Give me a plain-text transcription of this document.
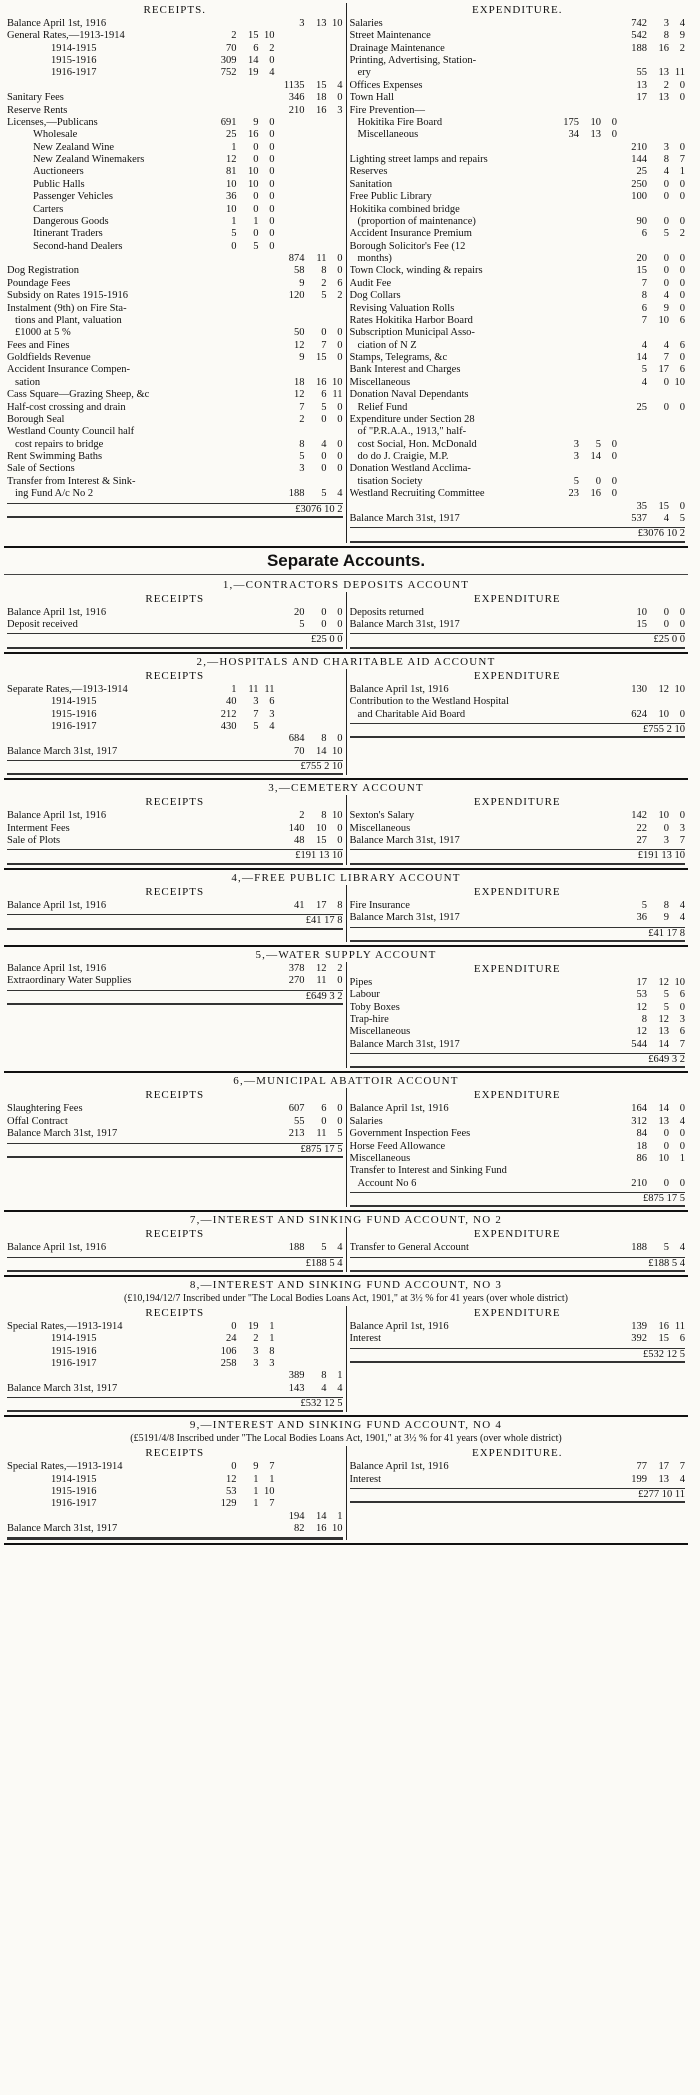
RECEIPTS.
Balance April 1st, 1916	3	13 10
General Rates,—1913-1914	2	15 10
1914-1915	70	6	2
1915-1916	309	14	0
1916-1917	752	19	4
1135	15	4
Sanitary Fees	346	18	0
Reserve Rents	210	16	3
Licenses,—Publicans	691	9	0
Wholesale	25	16	0
New Zealand Wine	1	0	0
New Zealand Winemakers	12	0	0
Auctioneers	81	10	0
Public Halls	10	10	0
Passenger Vehicles	36	0	0
Carters	10	0	0
Dangerous Goods	1	1	0
Itinerant Traders	5	0	0
Second-hand Dealers	0	5	0
874	11	0
Dog Registration	58	8	0
Poundage Fees	9	2	6
Subsidy on Rates 1915-1916	120	5	2
Instalment (9th) on Fire Sta-
tions and Plant, valuation
£1000 at 5 %	50	0	0
Fees and Fines	12	7	0
Goldfields Revenue	9	15	0
Accident Insurance Compen-
sation	18	16 10
Cass Square—Grazing Sheep, &c	12	6 11
Half-cost crossing and drain	7	5	0
Borough Seal	2	0	0
Westland County Council half
cost repairs to bridge	8	4	0
Rent Swimming Baths	5	0	0
Sale of Sections	3	0	0
Transfer from Interest & Sink-
ing Fund A/c No 2	188	5	4
£3076 10 2
EXPENDITURE.
Salaries	742	3	4
Street Maintenance	542	8	9
Drainage Maintenance	188	16	2
Printing, Advertising, Station-
ery	55	13 11
Offices Expenses	13	2	0
Town Hall	17	13	0
Fire Prevention—
Hokitika Fire Board	175	10	0
Miscellaneous	34	13	0
210	3	0
Lighting street lamps and repairs	144	8	7
Reserves	25	4	1
Sanitation	250	0	0
Free Public Library	100	0	0
Hokitika combined bridge
(proportion of maintenance)	90	0	0
Accident Insurance Premium	6	5	2
Borough Solicitor's Fee (12
months)	20	0	0
Town Clock, winding & repairs	15	0	0
Audit Fee	7	0	0
Dog Collars	8	4	0
Revising Valuation Rolls	6	9	0
Rates Hokitika Harbor Board	7	10	6
Subscription Municipal Asso-
ciation of N Z	4	4	6
Stamps, Telegrams, &c	14	7	0
Bank Interest and Charges	5	17	6
Miscellaneous	4	0 10
Donation Naval Dependants
Relief Fund	25	0	0
Expenditure under Section 28
of "P.R.A.A., 1913," half-
cost Social, Hon. McDonald	3	5	0
do do J. Craigie, M.P.	3	14	0
Donation Westland Acclima-
tisation Society	5	0	0
Westland Recruiting Committee	23	16	0
35	15	0
Balance March 31st, 1917	537	4	5
£3076 10 2
Separate Accounts.
1,—CONTRACTORS DEPOSITS ACCOUNT
RECEIPTS
Balance April 1st, 1916	20	0	0
Deposit received	5	0	0
£25 0 0
EXPENDITURE
Deposits returned	10	0	0
Balance March 31st, 1917	15	0	0
£25 0 0
2,—HOSPITALS AND CHARITABLE AID ACCOUNT
RECEIPTS
Separate Rates,—1913-1914	1	11 11
1914-1915	40	3	6
1915-1916	212	7	3
1916-1917	430	5	4
684	8	0
Balance March 31st, 1917	70	14 10
£755 2 10
EXPENDITURE
Balance April 1st, 1916	130	12 10
Contribution to the Westland Hospital
and Charitable Aid Board	624	10	0
£755 2 10
3,—CEMETERY ACCOUNT
RECEIPTS
Balance April 1st, 1916	2	8 10
Interment Fees	140	10	0
Sale of Plots	48	15	0
£191 13 10
EXPENDITURE
Sexton's Salary	142	10	0
Miscellaneous	22	0	3
Balance March 31st, 1917	27	3	7
£191 13 10
4,—FREE PUBLIC LIBRARY ACCOUNT
RECEIPTS
Balance April 1st, 1916	41	17	8
£41 17 8
EXPENDITURE
Fire Insurance	5	8	4
Balance March 31st, 1917	36	9	4
£41 17 8
5,—WATER SUPPLY ACCOUNT
Balance April 1st, 1916	378	12	2
Extraordinary Water Supplies	270	11	0
£649 3 2
EXPENDITURE
Pipes	17	12 10
Labour	53	5	6
Toby Boxes	12	5	0
Trap-hire	8	12	3
Miscellaneous	12	13	6
Balance March 31st, 1917	544	14	7
£649 3 2
6,—MUNICIPAL ABATTOIR ACCOUNT
RECEIPTS
Slaughtering Fees	607	6	0
Offal Contract	55	0	0
Balance March 31st, 1917	213	11	5
£875 17 5
EXPENDITURE
Balance April 1st, 1916	164	14	0
Salaries	312	13	4
Government Inspection Fees	84	0	0
Horse Feed Allowance	18	0	0
Miscellaneous	86	10	1
Transfer to Interest and Sinking Fund
Account No 6	210	0	0
£875 17 5
7,—INTEREST AND SINKING FUND ACCOUNT, NO 2
RECEIPTS
Balance April 1st, 1916	188	5	4
£188 5 4
EXPENDITURE
Transfer to General Account	188	5	4
£188 5 4
8,—INTEREST AND SINKING FUND ACCOUNT, NO 3
(£10,194/12/7 Inscribed under "The Local Bodies Loans Act, 1901," at 3½ % for 41 years (over whole district)
RECEIPTS
Special Rates,—1913-1914	0	19	1
1914-1915	24	2	1
1915-1916	106	3	8
1916-1917	258	3	3
389	8	1
Balance March 31st, 1917	143	4	4
£532 12 5
EXPENDITURE
Balance April 1st, 1916	139	16 11
Interest	392	15	6
£532 12 5
9,—INTEREST AND SINKING FUND ACCOUNT, NO 4
(£5191/4/8 Inscribed under "The Local Bodies Loans Act, 1901," at 3½ % for 41 years (over whole district)
RECEIPTS
Special Rates,—1913-1914	0	9	7
1914-1915	12	1	1
1915-1916	53	1 10
1916-1917	129	1	7
194	14	1
Balance March 31st, 1917	82	16 10
EXPENDITURE.
Balance April 1st, 1916	77	17	7
Interest	199	13	4
£277 10 11
